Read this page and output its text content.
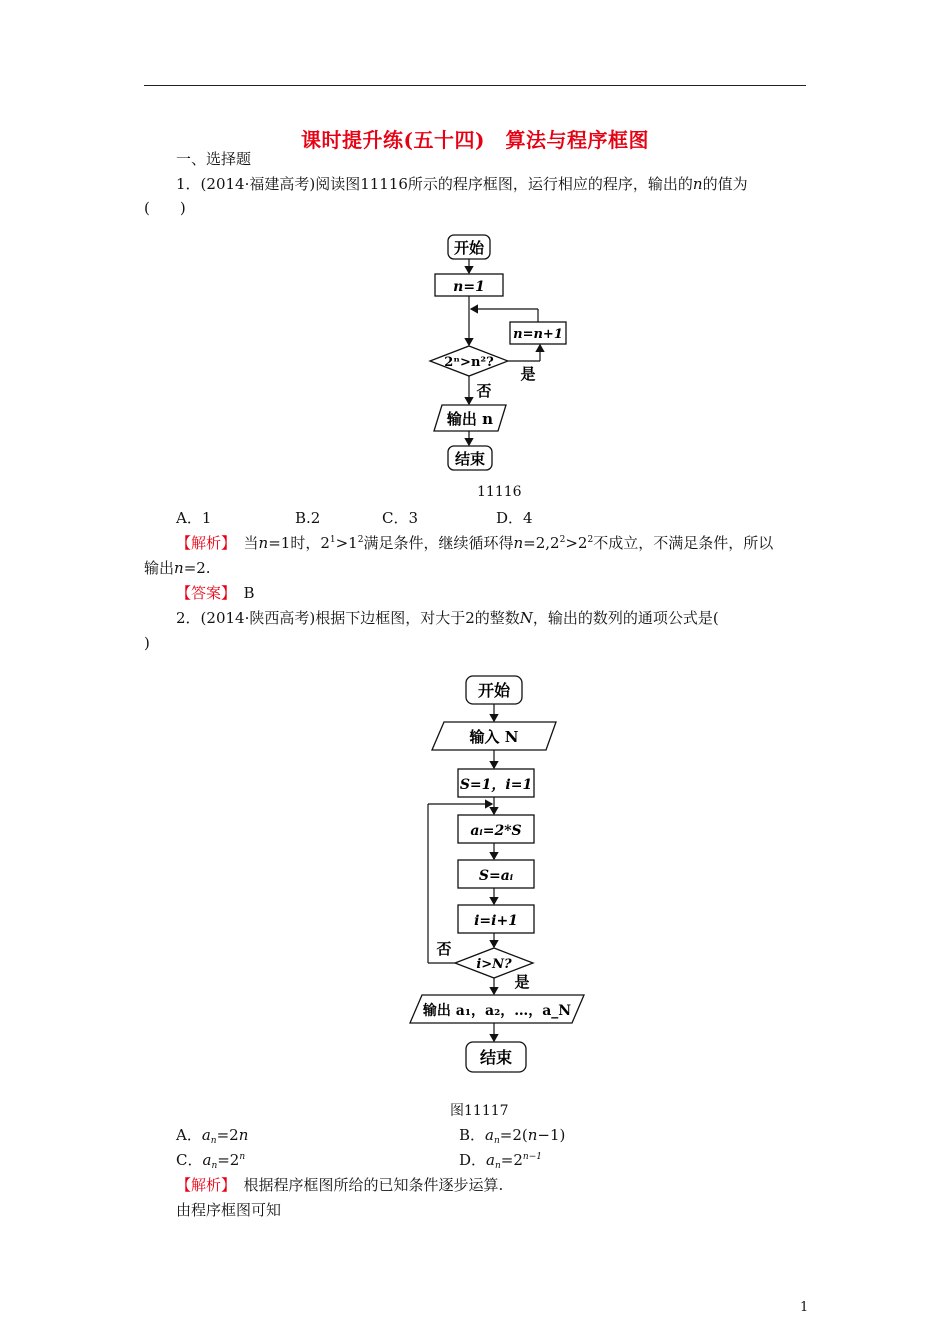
课时提升练(五十四)　算法与程序框图
一、选择题
1．(2014·福建高考)阅读图11116所示的程序框图，运行相应的程序，输出的n的值为
(　　)
开始
n=1
2ⁿ>n²?
n=n+1
是
否
输出 n
结束
11116
A．1	B.2	C．3	D．4
【解析】　 当n=1时，$2^1>1^2$满足条件，继续循环得$n=2,2^2>2^2$不成立，不满足条件，所以
输出n=2.
【答案】　 B
2．(2014·陕西高考)根据下边框图，对大于2的整数N，输出的数列的通项公式是(
)
开始
输入 N
S=1，i=1
aᵢ=2*S
S=aᵢ
i=i+1
i>N?
否
是
输出 a₁，a₂，…，a_N
结束
图11117
A．$a_n=2n$	B．$a_n=2(n-1)$
C．$a_n=2^n$	D．$a_n=2^{n-1}$
【解析】　 根据程序框图所给的已知条件逐步运算.
由程序框图可知
1
